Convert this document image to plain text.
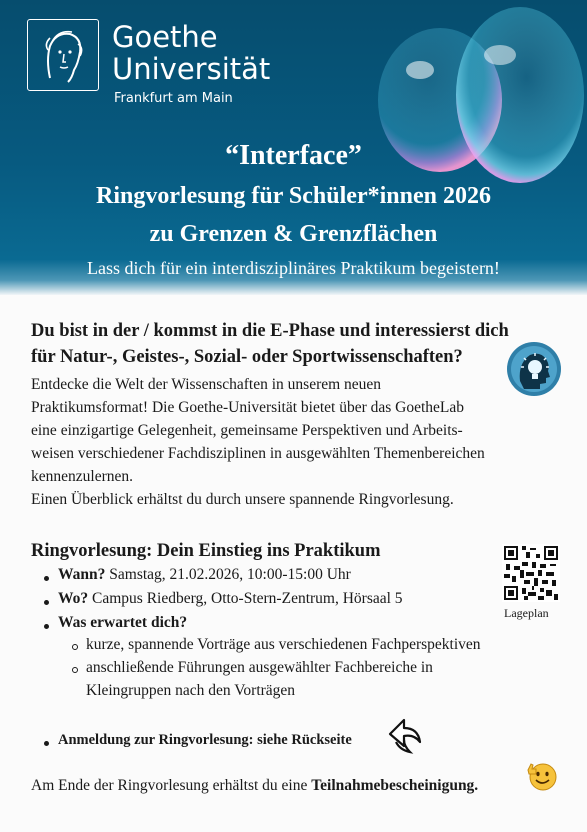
Goethe
Universität
Frankfurt am Main
“Interface”
Ringvorlesung für Schüler*innen 2026
zu Grenzen & Grenzflächen
Lass dich für ein interdisziplinäres Praktikum begeistern!
Du bist in der / kommst in die E-Phase und interessierst dich
für Natur-, Geistes-, Sozial- oder Sportwissenschaften?
Entdecke die Welt der Wissenschaften in unserem neuen
Praktikumsformat! Die Goethe-Universität bietet über das GoetheLab
eine einzigartige Gelegenheit, gemeinsame Perspektiven und Arbeits-
weisen verschiedener Fachdisziplinen in ausgewählten Themenbereichen
kennenzulernen.
Einen Überblick erhältst du durch unsere spannende Ringvorlesung.
Ringvorlesung: Dein Einstieg ins Praktikum
Wann? Samstag, 21.02.2026, 10:00-15:00 Uhr
Wo? Campus Riedberg, Otto-Stern-Zentrum, Hörsaal 5
Was erwartet dich?
kurze, spannende Vorträge aus verschiedenen Fachperspektiven
anschließende Führungen ausgewählter Fachbereiche in
Kleingruppen nach den Vorträgen
Lageplan
Anmeldung zur Ringvorlesung: siehe Rückseite
Am Ende der Ringvorlesung erhältst du eine Teilnahmebescheinigung.
